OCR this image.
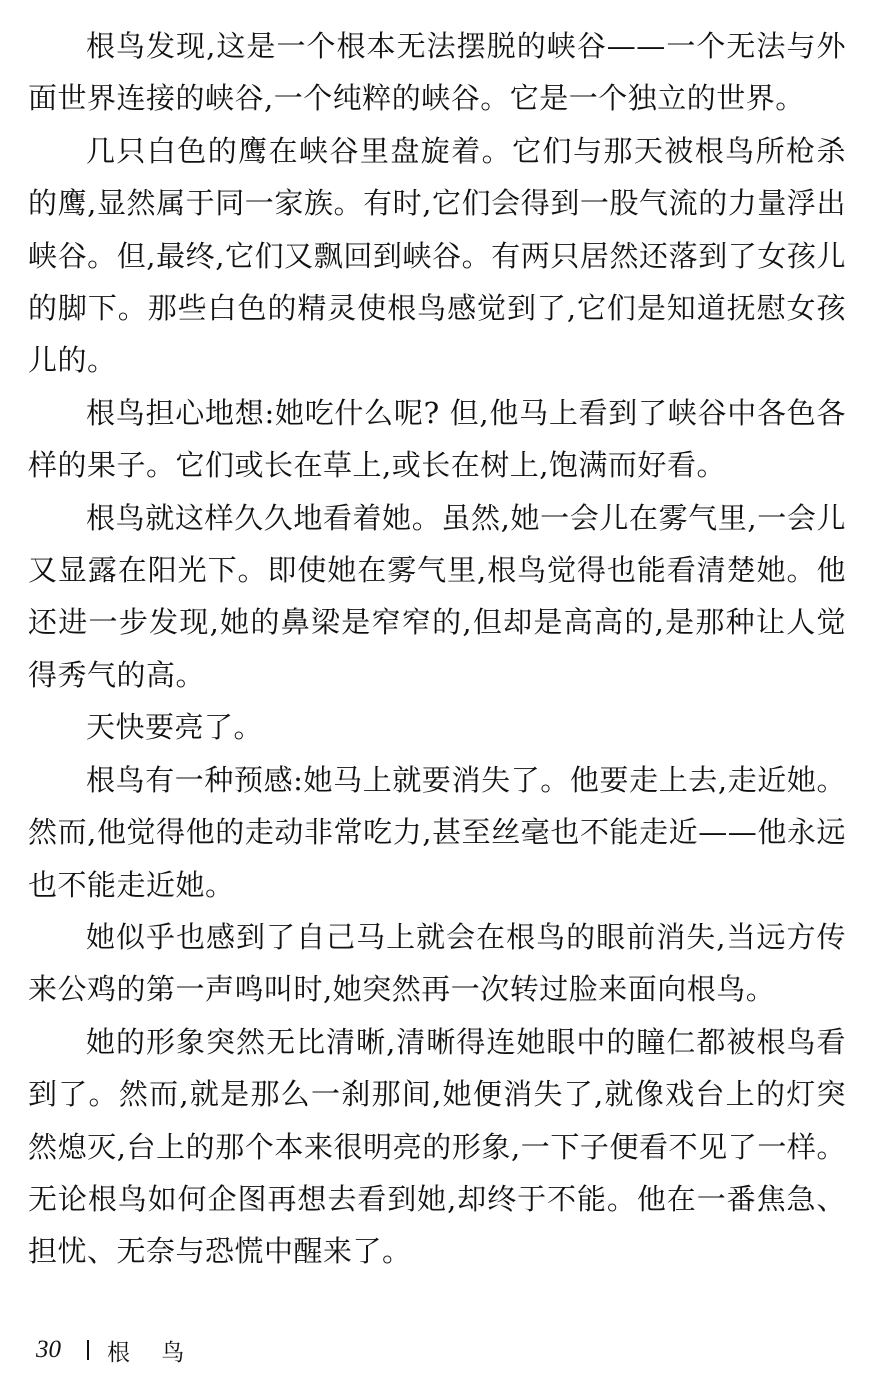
根鸟发现,这是一个根本无法摆脱的峡谷——一个无法与外面世界连接的峡谷,一个纯粹的峡谷。它是一个独立的世界。

几只白色的鹰在峡谷里盘旋着。它们与那天被根鸟所枪杀的鹰,显然属于同一家族。有时,它们会得到一股气流的力量浮出峡谷。但,最终,它们又飘回到峡谷。有两只居然还落到了女孩儿的脚下。那些白色的精灵使根鸟感觉到了,它们是知道抚慰女孩儿的。

根鸟担心地想:她吃什么呢? 但,他马上看到了峡谷中各色各样的果子。它们或长在草上,或长在树上,饱满而好看。

根鸟就这样久久地看着她。虽然,她一会儿在雾气里,一会儿又显露在阳光下。即使她在雾气里,根鸟觉得也能看清楚她。他还进一步发现,她的鼻梁是窄窄的,但却是高高的,是那种让人觉得秀气的高。

天快要亮了。

根鸟有一种预感:她马上就要消失了。他要走上去,走近她。然而,他觉得他的走动非常吃力,甚至丝毫也不能走近——他永远也不能走近她。

她似乎也感到了自己马上就会在根鸟的眼前消失,当远方传来公鸡的第一声鸣叫时,她突然再一次转过脸来面向根鸟。

她的形象突然无比清晰,清晰得连她眼中的瞳仁都被根鸟看到了。然而,就是那么一刹那间,她便消失了,就像戏台上的灯突然熄灭,台上的那个本来很明亮的形象,一下子便看不见了一样。无论根鸟如何企图再想去看到她,却终于不能。他在一番焦急、担忧、无奈与恐慌中醒来了。

30 根 鸟
